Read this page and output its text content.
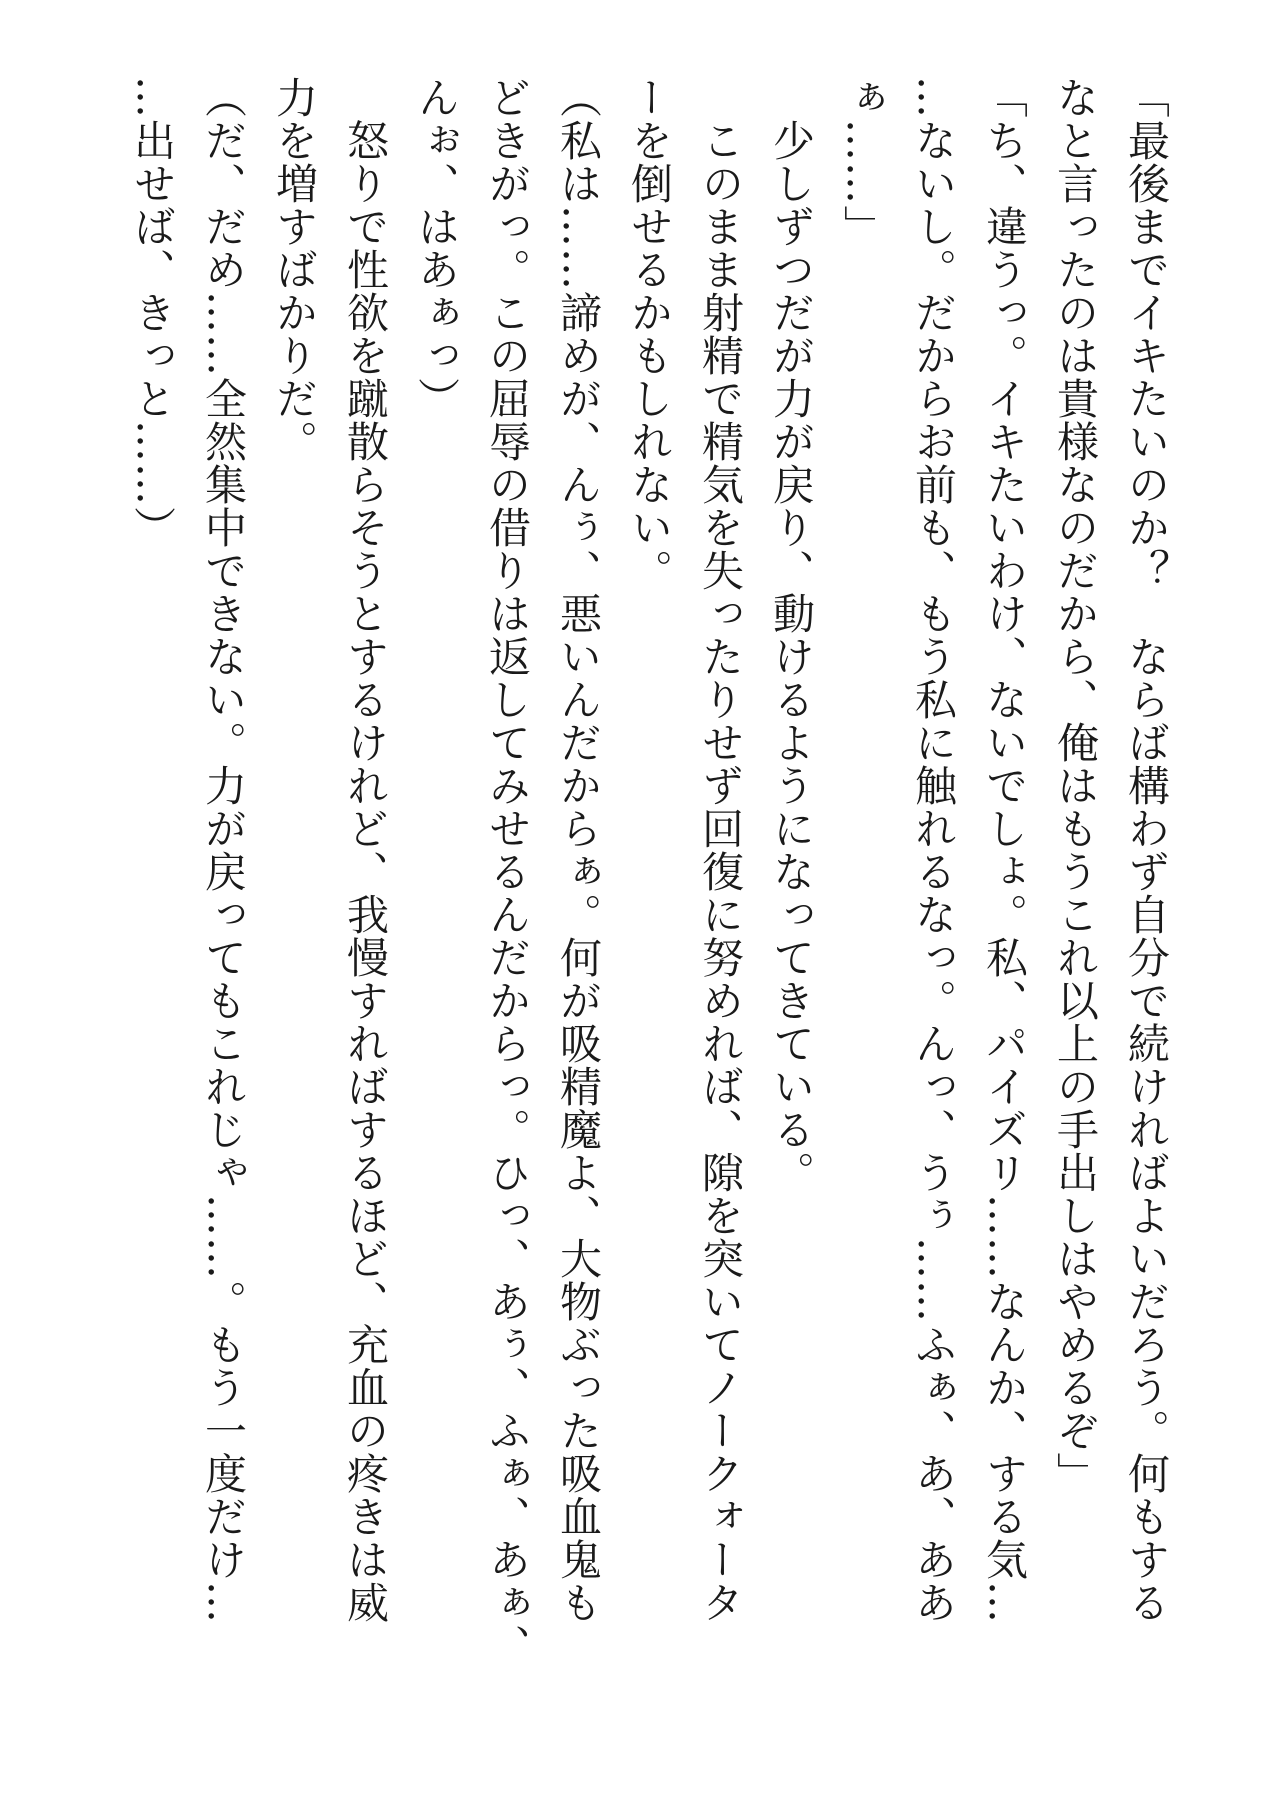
「最後までイキたいのか？　ならば構わず自分で続ければよいだろう。何もする

なと言ったのは貴様なのだから、俺はもうこれ以上の手出しはやめるぞ」

「ち、違うっ。イキたいわけ、ないでしょ。私、パイズリ……なんか、する気…

…ないし。だからお前も、もう私に触れるなっ。んっ、うぅ……ふぁ、あ、ああ

ぁ……」

　少しずつだが力が戻り、動けるようになってきている。

　このまま射精で精気を失ったりせず回復に努めれば、隙を突いてノークォータ

ーを倒せるかもしれない。

（私は……諦めが、んぅ、悪いんだからぁ。何が吸精魔よ、大物ぶった吸血鬼も

どきがっ。この屈辱の借りは返してみせるんだからっ。ひっ、あぅ、ふぁ、あぁ、

んぉ、はあぁっ）

　怒りで性欲を蹴散らそうとするけれど、我慢すればするほど、充血の疼きは威

力を増すばかりだ。

（だ、だめ……全然集中できない。力が戻ってもこれじゃ……。もう一度だけ…

…出せば、きっと……）
